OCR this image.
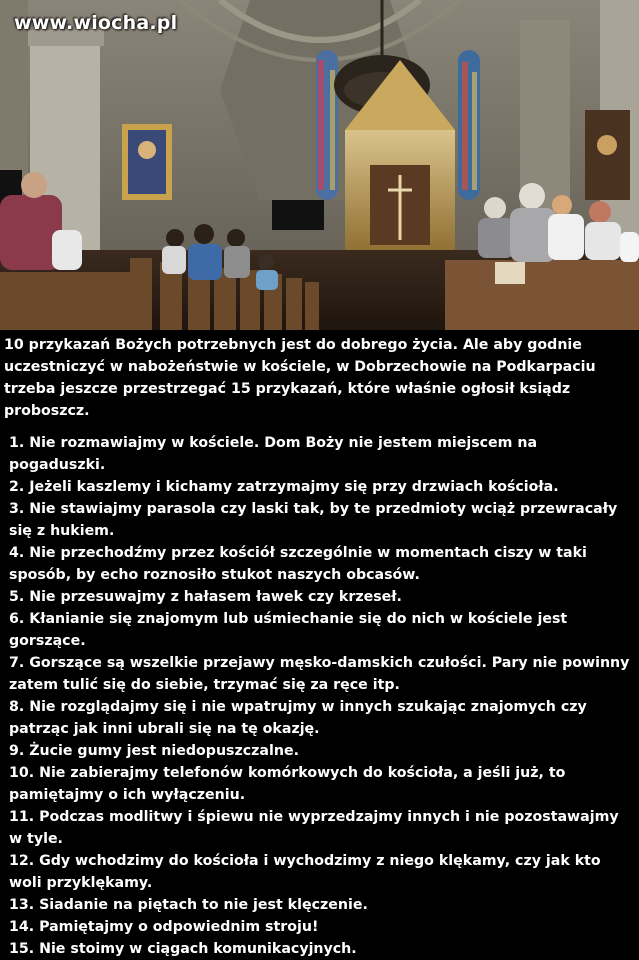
www.wiocha.pl

10 przykazań Bożych potrzebnych jest do dobrego życia. Ale aby godnie uczestniczyć w nabożeństwie w kościele, w Dobrzechowie na Podkarpaciu trzeba jeszcze przestrzegać 15 przykazań, które właśnie ogłosił ksiądz proboszcz.

1. Nie rozmawiajmy w kościele. Dom Boży nie jestem miejscem na pogaduszki.
2. Jeżeli kaszlemy i kichamy zatrzymajmy się przy drzwiach kościoła.
3. Nie stawiajmy parasola czy laski tak, by te przedmioty wciąż przewracały się z hukiem.
4. Nie przechodźmy przez kościół szczególnie w momentach ciszy w taki sposób, by echo roznosiło stukot naszych obcasów.
5. Nie przesuwajmy z hałasem ławek czy krzeseł.
6. Kłanianie się znajomym lub uśmiechanie się do nich w kościele jest gorszące.
7. Gorszące są wszelkie przejawy męsko-damskich czułości. Pary nie powinny zatem tulić się do siebie, trzymać się za ręce itp.
8. Nie rozglądajmy się i nie wpatrujmy w innych szukając znajomych czy patrząc jak inni ubrali się na tę okazję.
9. Żucie gumy jest niedopuszczalne.
10. Nie zabierajmy telefonów komórkowych do kościoła, a jeśli już, to pamiętajmy o ich wyłączeniu.
11. Podczas modlitwy i śpiewu nie wyprzedzajmy innych i nie pozostawajmy w tyle.
12. Gdy wchodzimy do kościoła i wychodzimy z niego klękamy, czy jak kto woli przyklękamy.
13. Siadanie na piętach to nie jest klęczenie.
14. Pamiętajmy o odpowiednim stroju!
15. Nie stoimy w ciągach komunikacyjnych.
